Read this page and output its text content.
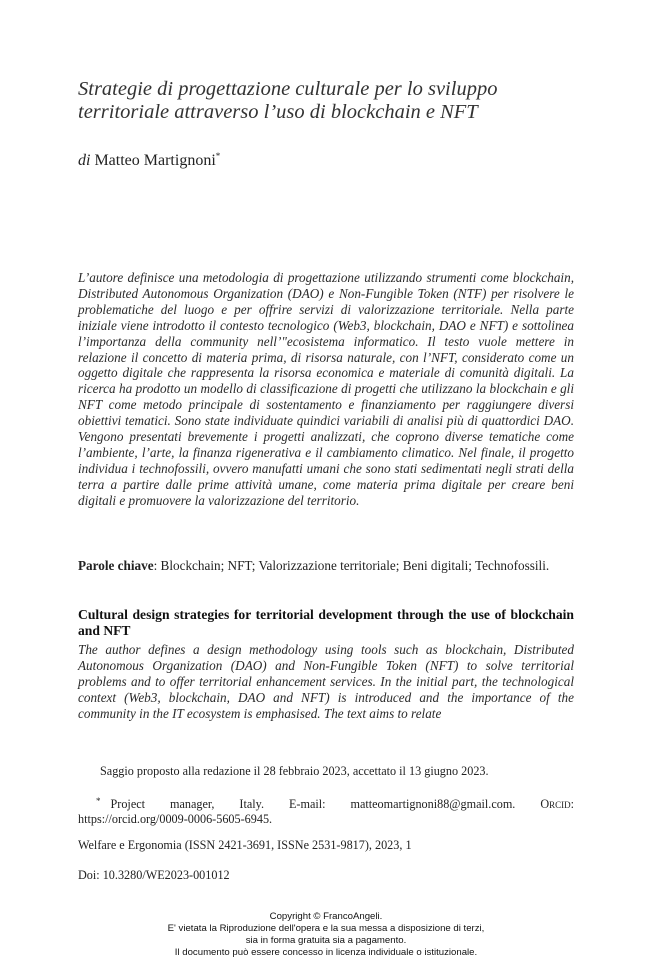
Strategie di progettazione culturale per lo sviluppo territoriale attraverso l’uso di blockchain e NFT
di Matteo Martignoni*
L’autore definisce una metodologia di progettazione utilizzando strumenti come blockchain, Distributed Autonomous Organization (DAO) e Non-Fungible Token (NTF) per risolvere le problematiche del luogo e per offrire servizi di valorizzazione territoriale. Nella parte iniziale viene introdotto il contesto tecnologico (Web3, blockchain, DAO e NFT) e sottolinea l’importanza della community nell’"ecosistema informatico. Il testo vuole mettere in relazione il concetto di materia prima, di risorsa naturale, con l’NFT, considerato come un oggetto digitale che rappresenta la risorsa economica e materiale di comunità digitali. La ricerca ha prodotto un modello di classificazione di progetti che utilizzano la blockchain e gli NFT come metodo principale di sostentamento e finanziamento per raggiungere diversi obiettivi tematici. Sono state individuate quindici variabili di analisi più di quattordici DAO. Vengono presentati brevemente i progetti analizzati, che coprono diverse tematiche come l’ambiente, l’arte, la finanza rigenerativa e il cambiamento climatico. Nel finale, il progetto individua i technofossili, ovvero manufatti umani che sono stati sedimentati negli strati della terra a partire dalle prime attività umane, come materia prima digitale per creare beni digitali e promuovere la valorizzazione del territorio.
Parole chiave: Blockchain; NFT; Valorizzazione territoriale; Beni digitali; Technofossili.
Cultural design strategies for territorial development through the use of blockchain and NFT
The author defines a design methodology using tools such as blockchain, Distributed Autonomous Organization (DAO) and Non-Fungible Token (NFT) to solve territorial problems and to offer territorial enhancement services. In the initial part, the technological context (Web3, blockchain, DAO and NFT) is introduced and the importance of the community in the IT ecosystem is emphasised. The text aims to relate
Saggio proposto alla redazione il 28 febbraio 2023, accettato il 13 giugno 2023.
* Project manager, Italy. E-mail: matteomartignoni88@gmail.com. Orcid: https://orcid.org/0009-0006-5605-6945.
Welfare e Ergonomia (ISSN 2421-3691, ISSNe 2531-9817), 2023, 1
Doi: 10.3280/WE2023-001012
Copyright © FrancoAngeli.
E' vietata la Riproduzione dell'opera e la sua messa a disposizione di terzi,
sia in forma gratuita sia a pagamento.
Il documento può essere concesso in licenza individuale o istituzionale.
